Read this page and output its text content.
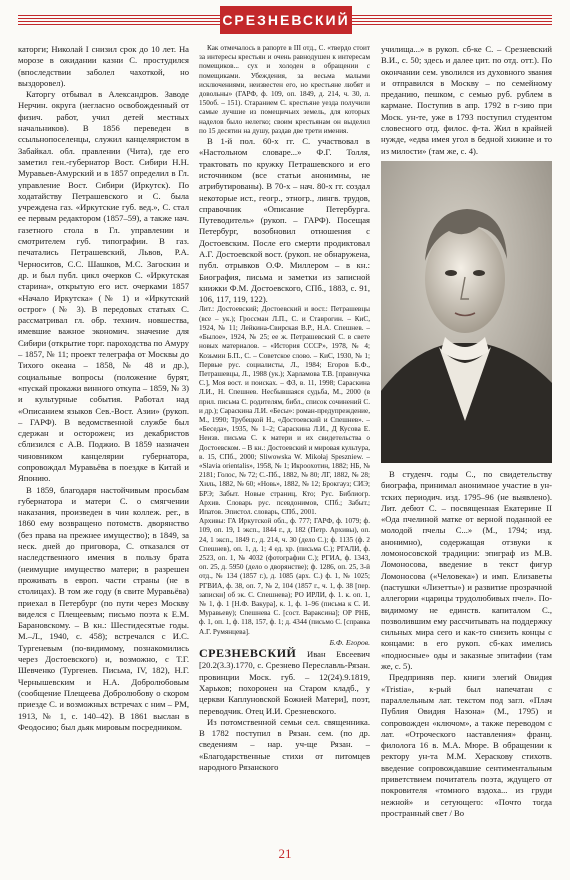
СРЕЗНЕВСКИЙ

каторги; Николай I снизил срок до 10 лет. На морозе в ожидании казни С. простудился (впоследствии заболел чахоткой, но выздоровел).

Каторгу отбывал в Александров. Заводе Нерчин. округа (негласно освобожденный от физич. работ, учил детей местных начальников). В 1856 переведен в ссыльнопоселенцы, служил канцеляристом в Забайкал. обл. правлении (Чита), где его заметил ген.-губернатор Вост. Сибири Н.Н. Муравьев-Амурский и в 1857 определил в Гл. управление Вост. Сибири (Иркутск). По ходатайству Петрашевского и С. была учреждена газ. «Иркутские губ. вед.», С. стал ее первым редактором (1857–59), а также нач. газетного стола в Гл. управлении и смотрителем губ. типографии. В газ. печатались Петрашевский, Львов, Р.А. Черноситов, С.С. Шашков, М.С. Загоскин и др. и был публ. цикл очерков С. «Иркутская старина», открытую его ист. очерками 1857 «Начало Иркутска» (№ 1) и «Иркутский острог» (№ 3). В передовых статьях С. рассматривал гл. обр. технич. новшества, имевшие важное экономич. значение для Сибири (открытие торг. пароходства по Амуру – 1857, № 11; проект телеграфа от Москвы до Тихого океана – 1858, № 48 и др.), социальные вопросы (положение бурят, «пускай прокажи винного откупа – 1859, № 3) и культурные события. Работал над «Описанием языков Сев.-Вост. Азии» (рукоп. – ГАРФ). В ведомственной службе был сдержан и осторожен; из декабристов сблизился с А.В. Поджио. В 1859 назначен чиновником канцелярии губернатора, сопровождал Муравьёва в поездке в Китай и Японию.

В 1859, благодаря настойчивым просьбам губернатора и матери С. о смягчении наказания, произведен в чин коллеж. рег., в 1860 ему возвращено потомств. дворянство (без права на прежнее имущество); в 1849, за неск. дней до приговора, С. отказался от наследственного имения в пользу брата (неимущие имущество матери; в разрешен проживать в европ. части страны (не в столицах). В том же году (в свите Муравьёва) приехал в Петербург (по пути через Москву виделся с Плещеевым; письмо поэта к Е.М. Барановскому. – В кн.: Шестидесятые годы. М.–Л., 1940, с. 458); встречался с И.С. Тургеневым (по-видимому, познакомились через Достоевского) и, возможно, с Т.Г. Шевченко (Тургенев. Письма, IV, 182), Н.Г. Чернышевским и Н.А. Добролюбовым (сообщение Плещеева Добролюбову о скором приезде С. и возможных встречах с ним – РМ, 1913, № 1, с. 140–42). В 1861 выслан в Феодосию; был дьяк мировым посредником.

Как отмечалось в рапорте в III отд., С. «твердо стоит за интересы крестьян и очень равнодушен к интересам помещиков... сух и холоден в обращении с помещиками. Убеждения, за весьма малыми исключениями, неизвестен его, но крестьяне любят и довольны» (ГАРФ, ф. 109, оп. 1849, д. 214, ч. 30, л. 150об. – 151). Старанием С. крестьяне уезда получили самые лучшие из помещичьих земель, для которых наделов было нелегко; своим крестьянам он выделил по 15 десятин на душу, раздав две трети имения.

В 1-й пол. 60-х гг. С. участвовал в «Настольном словаре...» Ф.Г. Толля, трактовать по кружку Петрашевского и его источником (все статьи анонимны, не атрибутированы). В 70-х – нач. 80-х гг. создал некоторые ист., геогр., этногр., лингв. трудов, справочник «Описание Петербурга. Путеводитель» (рукоп. – ГАРФ). Посещая Петербург, возобновил отношения с Достоевским. После его смерти продиктовал А.Г. Достоевской вост. (рукоп. не обнаружена, публ. отрывков О.Ф. Миллером – в кн.: Биография, письма и заметки из записной книжки Ф.М. Достоевского, СПб., 1883, с. 91, 106, 117, 119, 122).

Лит.: Достоевский; Достоевский и вост.: Петрашевцы (все – ук.); Гроссман Л.П., С. и Ставрогин. – КиС, 1924, № 11; Лейкина-Свирская В.Р., Н.А. Спешнев. – «Былое», 1924, № 25; ее ж. Петрашевский С. в свете новых материалов. – «История СССР», 1978, № 4; Козьмин Б.П., С. – Советское слово. – КиС, 1930, № 1; Первые рус. социалисты, Л., 1984; Егоров Б.Ф., Петрашевцы, Л., 1988 (ук.); Харламова Т.В. [правнучка С.], Моя вост. и поисках. – ФЗ, в. 11, 1998; Сараскина Л.И., Н. Спешнев. Несбывшаяся судьба, М., 2000 (в прил. письма С. родителям, библ., список сочинений С. и др.); Сараскина Л.И. «Бесы»: роман-предупреждение, М., 1990; Трубецкой Н., «Достоевский и Спешнев». – «Беседа», 1935, № 1–2; Сараскина Л.И., Д Кусова Е. Неизв. письма С. к матери и их свидетельства о Достоевском. – В кн.: Достоевский и мировая культура, в. 15, СПб., 2000; Sliwowska W. Mikołaj Speszniew. – «Slavia orientalis», 1958, № 1; Икроохотин, 1882; НБ, № 2181; Голос, № 72; С.-Пб., 1882, № 80; ЛГ, 1882, № 28; Хиль, 1882, № 60; «Новь», 1882, № 12; Брокгауз; СИЭ; БРЭ; Забыт. Новые страниц, Кто; Рус. Библиогр. Архив. Словарь рус. псевдонимов, СПб.; Забыт.; Ипатов. Эпистол. словарь, СПб., 2001.

Архивы: ГА Иркутской обл., ф. 777; ГАРФ, ф. 1079; ф. 109, оп. 19, 1 эксп., 1844 г., д. 182 (Петр. Архивы), оп. 24, 1 эксп., 1849 г., д. 214, ч. 30 (дело С.); ф. 1135 (ф. 2 Спешнев), оп. 1, д. 1; 4 ед. хр. (письма С.); РГАЛИ, ф. 2523, оп. 1, № 4032 (фотографии С.); РГИА, ф. 1343, оп. 25, д. 5950 (дело о дворянстве); ф. 1286, оп. 25, 3-й отд., № 134 (1857 г.), д. 1085 (арх. С.) ф. 1, № 1025; РГВИА, ф. 38, оп. 7, № 2, 104 (1857 г., ч. 1, ф. 38 [пер. записки] об эк. С. Спешнева); РО ИРЛИ, ф. 1. к. оп. 1, № 1, ф. 1 [Н.Ф. Вакура], к. 1, ф. 1–96 (письма к С. И. Муравьеву); Спешнева С. [сост. Вараксина]; ОР РНБ, ф. 1, оп. 1, ф. 118, 157, ф. 1; д. 4344 (письмо С. [справка А.Г. Румянцева].

Б.Ф. Егоров.

СРЕЗНЕВСКИЙ Иван Евсеевич [20.2(3.3).1770, с. Срезнево Переславль-Рязан. провинции Моск. губ. – 12(24).9.1819, Харьков; похоронен на Старом кладб., у церкви Каплуновской Божией Матери], поэт, переводчик. Отец И.И. Срезневского.

Из потомственной семьи сел. священника. В 1782 поступил в Рязан. сем. (по др. сведениям – нар. уч-ще Рязан. – «Благодарственные стихи от питомцев народного Рязанского

училища...» в рукоп. сб-ке С. – Срезневский В.И., с. 50; здесь и далее цит. по отд. отт.). По окончании сем. уволился из духовного звания и отправился в Москву – по семейному преданию, пешком, с семью руб. рублем в кармане. Поступив в апр. 1792 в г-зию при Моск. ун-те, уже в 1793 поступил студентом словесного отд. филос. ф-та. Жил в крайней нужде, «едва имея угол в бедной хижине и то из милости» (там же, с. 4).

В студенч. годы С., по свидетельству биографа, принимал анонимное участие в ун-тских периодич. изд. 1795–96 (не выявлено). Лит. дебют С. – посвященная Екатерине II «Ода пчелиной матке от верной поданной ее молодой пчелы С...» (М., 1794; изд. анонимно), содержащая отзвуки к ломоносовской традиции: эпиграф из М.В. Ломоносова, введение в текст фигур Ломоносова («Человека») и имп. Елизаветы (пастушки «Лизетты») и развитие прозрачной аллегории «царицы трудолюбивых пчел». По-видимому не единств. капиталом С., позволившим ему рассчитывать на поддержку сильных мира сего и как-то снизить концы с концами: в его рукоп. сб-ках имелись «подносные» оды и заказные эпитафии (там же, с. 5).

Предприняв пер. книги элегий Овидия «Tristia», к-рый был напечатан с параллельным лат. текстом под загл. «Плач Публия Овидия Назона» (М., 1795) и сопровожден «ключом», а также переводом с лат. «Отроческого наставления» франц. филолога 16 в. М.А. Мюре. В обращении к ректору ун-та М.М. Хераскову стихотв. введение сопровождавшие сентиментальным приветствием почитатель поэта, ждущего от покровителя «томного вздоха... из груди нежной» и сетующего: «Почто тогда пространный свет / Во

21
